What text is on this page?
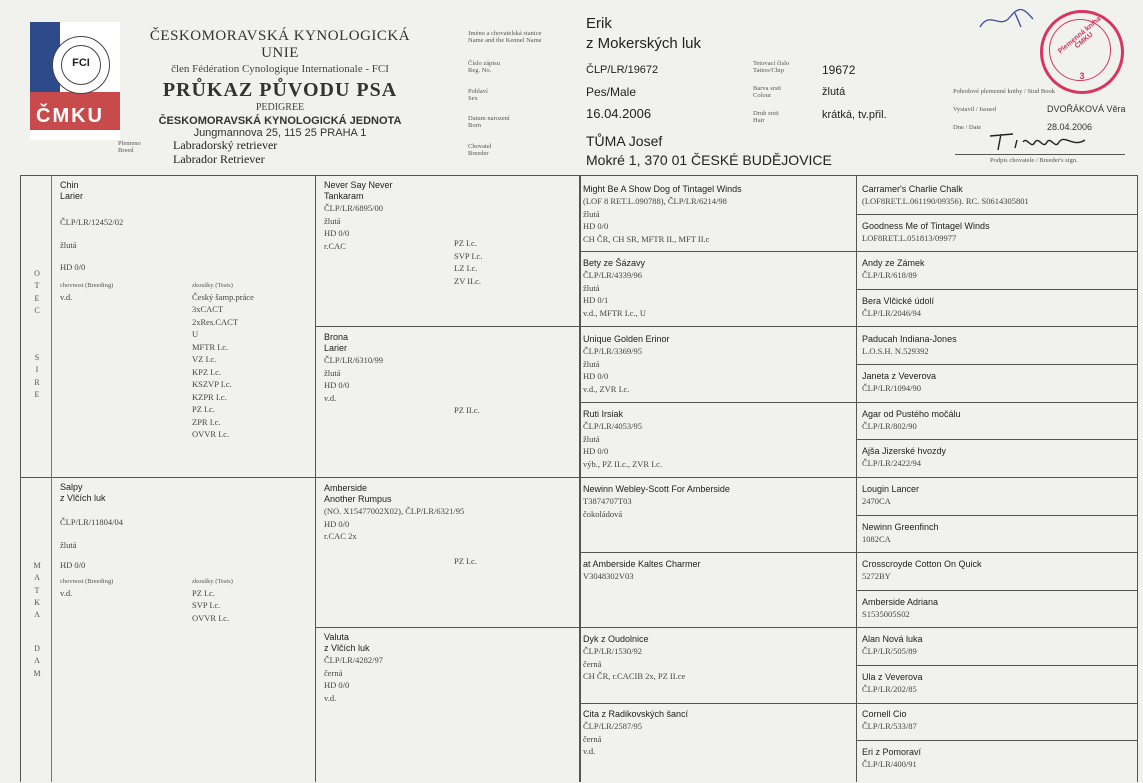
FCI
ČMKU
ČESKOMORAVSKÁ KYNOLOGICKÁ UNIE
člen Fédération Cynologique Internationale - FCI
PRŮKAZ PŮVODU PSA
PEDIGREE
ČESKOMORAVSKÁ KYNOLOGICKÁ JEDNOTA
Jungmannova 25, 115 25 PRAHA 1
Plemeno
Breed	Labradorský retriever
Labrador Retriever
Jméno a chovatelská stanice
Name and the Kennel Name
Číslo zápisu
Reg. No.
Pohlaví
Sex
Datum narození
Born
Chovatel
Breeder
Erik
z Mokerských luk
ČLP/LR/19672
Pes/Male
16.04.2006
TŮMA Josef
Mokré 1, 370 01 ČESKÉ BUDĚJOVICE
Tetovací číslo
Tattoo/Chip
Barva srsti
Colour
Druh srsti
Hair
19672
žlutá
krátká, tv.přil.
Plemenná kniha ČMKU
3
Pohodové plemenné knihy / Stud Book
Vystavil / Issued	DVOŘÁKOVÁ Věra
Dne / Date	28.04.2006
Podpis chovatele / Breeder's sign.
O
T
E
C
S
I
R
E
M
A
T
K
A
D
A
M
Chin
Larier
ČLP/LR/12452/02
žlutá
HD 0/0
chovnost (Breeding)	zkoušky (Tests)
v.d.	Český šamp.práce
3xCACT
2xRes.CACT
U
MFTR I.c.
VZ I.c.
KPZ I.c.
KSZVP I.c.
KZPR I.c.
PZ I.c.
ZPR I.c.
OVVR I.c.
Salpy
z Vlčích luk
ČLP/LR/11804/04
žlutá
HD 0/0
chovnost (Breeding)	zkoušky (Tests)
v.d.	PZ I.c.
SVP I.c.
OVVR I.c.
Never Say Never
Tankaram
ČLP/LR/6895/00
žlutá
HD 0/0
r.CAC	PZ I.c.
SVP I.c.
LZ I.c.
ZV II.c.
Brona
Larier
ČLP/LR/6310/99
žlutá
HD 0/0
v.d.
PZ II.c.
Amberside
Another Rumpus
(NO. X15477002X02), ČLP/LR/6321/95
HD 0/0
r.CAC 2x
PZ I.c.
Valuta
z Vlčích luk
ČLP/LR/4282/97
černá
HD 0/0
v.d.
Might Be A Show Dog of Tintagel Winds
(LOF 8 RET.L.090788), ČLP/LR/6214/98
žlutá
HD 0/0
CH ČR, CH SR, MFTR II., MFT II.c
Bety ze Šázavy
ČLP/LR/4339/96
žlutá
HD 0/1
v.d., MFTR I.c., U
Unique Golden Erinor
ČLP/LR/3369/95
žlutá
HD 0/0
v.d., ZVR I.c.
Ruti Irsiak
ČLP/LR/4053/95
žlutá
HD 0/0
výb., PZ II.c., ZVR I.c.
Newinn Webley-Scott For Amberside
T3874707T03
čokoládová
at Amberside Kaltes Charmer
V3048302V03
Dyk z Oudolnice
ČLP/LR/1530/92
černá
CH ČR, r.CACIB 2x, PZ II.ce
Cita z Radikovských šancí
ČLP/LR/2587/95
černá
v.d.
Carramer's Charlie Chalk
(LOF8RET.L.061190/09356). RC. S0614305801
Goodness Me of Tintagel Winds
LOF8RET.L.051813/09977
Andy ze Zámek
ČLP/LR/618/89
Bera Vlčické údolí
ČLP/LR/2046/94
Paducah Indiana-Jones
L.O.S.H. N.529392
Janeta z Veverova
ČLP/LR/1094/90
Agar od Pustého močálu
ČLP/LR/802/90
Ajša Jizerské hvozdy
ČLP/LR/2422/94
Lougin Lancer
2470CA
Newinn Greenfinch
1082CA
Crosscroyde Cotton On Quick
5272BY
Amberside Adriana
S1535005S02
Alan Nová luka
ČLP/LR/505/89
Ula z Veverova
ČLP/LR/202/85
Cornell Cio
ČLP/LR/533/87
Eri z Pomoraví
ČLP/LR/400/91
